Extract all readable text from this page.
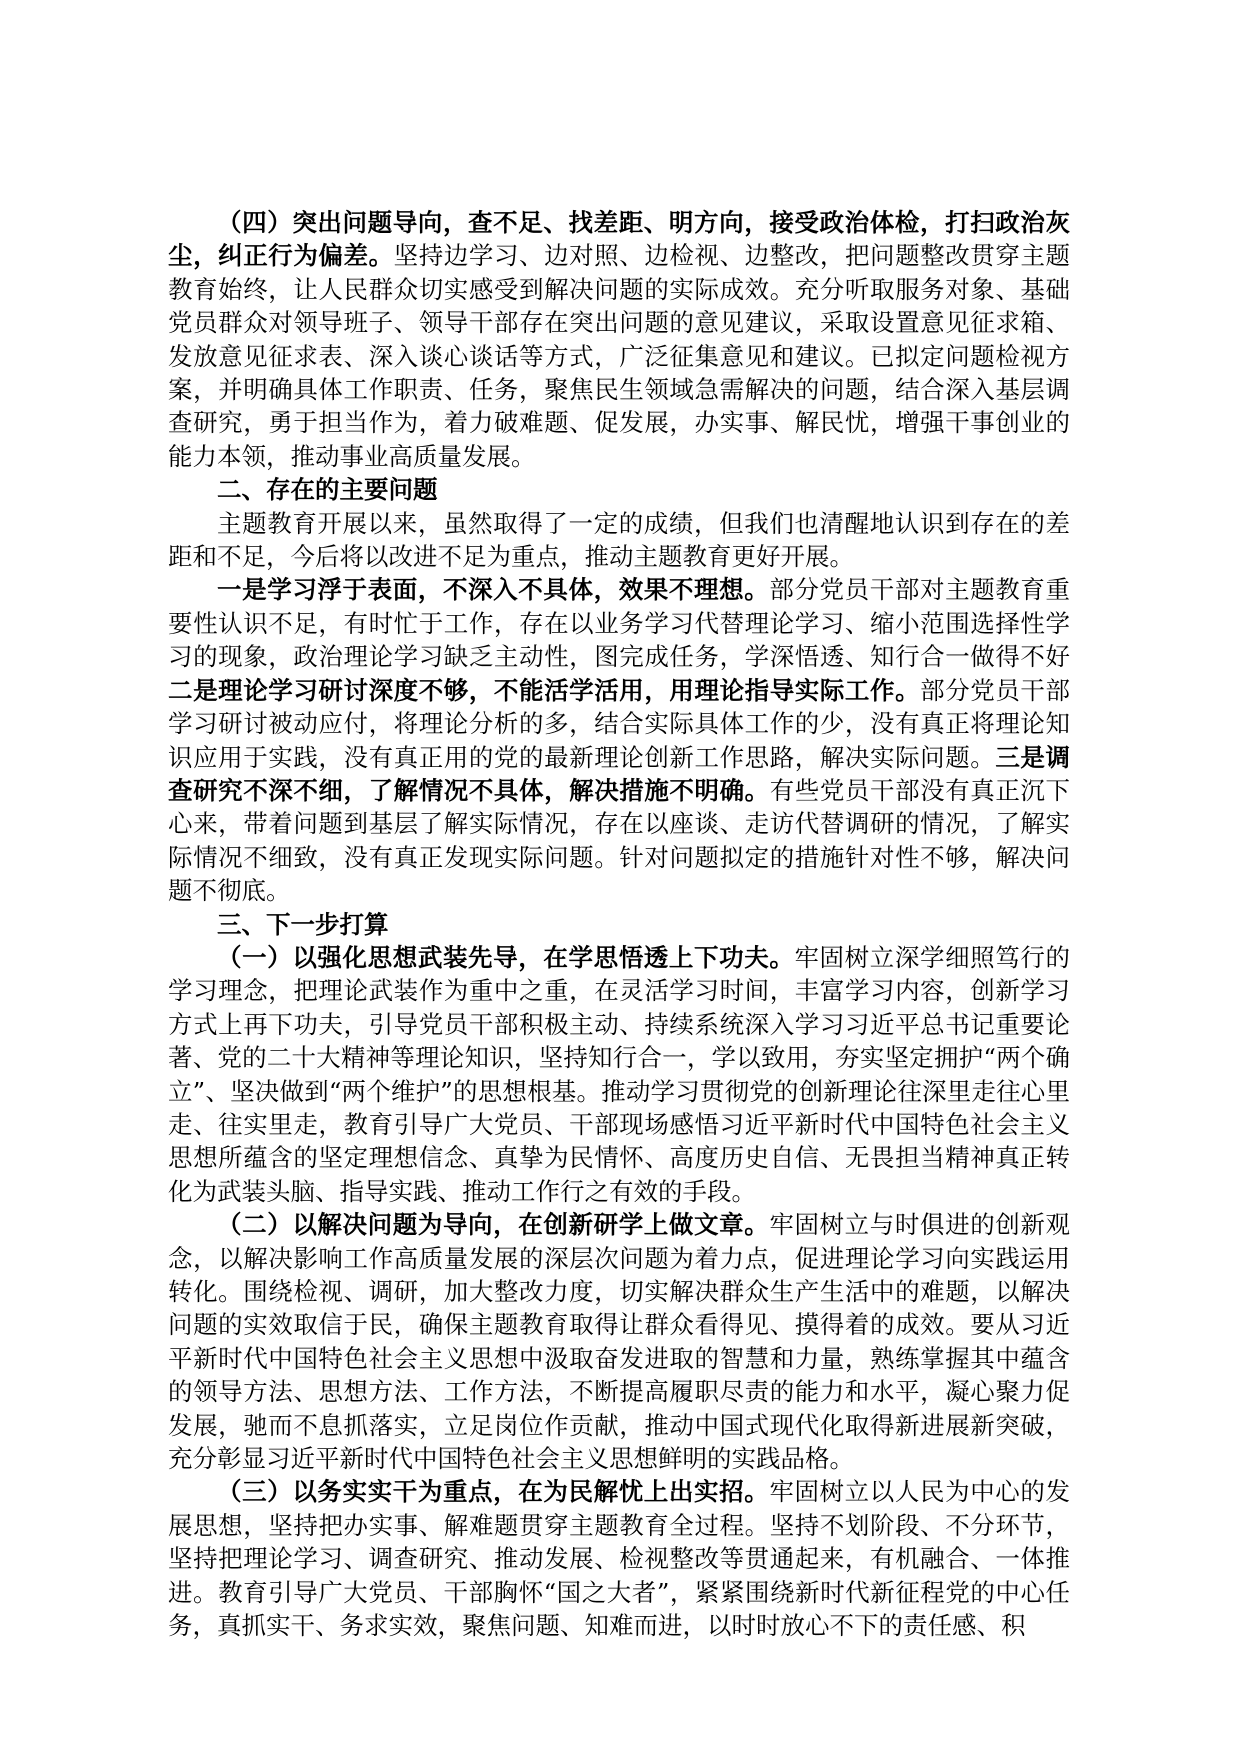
（四）突出问题导向，查不足、找差距、明方向，接受政治体检，打扫政治灰尘，纠正行为偏差。坚持边学习、边对照、边检视、边整改，把问题整改贯穿主题教育始终，让人民群众切实感受到解决问题的实际成效。充分听取服务对象、基础党员群众对领导班子、领导干部存在突出问题的意见建议，采取设置意见征求箱、发放意见征求表、深入谈心谈话等方式，广泛征集意见和建议。已拟定问题检视方案，并明确具体工作职责、任务，聚焦民生领域急需解决的问题，结合深入基层调查研究，勇于担当作为，着力破难题、促发展，办实事、解民忧，增强干事创业的能力本领，推动事业高质量发展。

二、存在的主要问题

主题教育开展以来，虽然取得了一定的成绩，但我们也清醒地认识到存在的差距和不足，今后将以改进不足为重点，推动主题教育更好开展。

一是学习浮于表面，不深入不具体，效果不理想。部分党员干部对主题教育重要性认识不足，有时忙于工作，存在以业务学习代替理论学习、缩小范围选择性学习的现象，政治理论学习缺乏主动性，图完成任务，学深悟透、知行合一做得不好二是理论学习研讨深度不够，不能活学活用，用理论指导实际工作。部分党员干部学习研讨被动应付，将理论分析的多，结合实际具体工作的少，没有真正将理论知识应用于实践，没有真正用的党的最新理论创新工作思路，解决实际问题。三是调查研究不深不细，了解情况不具体，解决措施不明确。有些党员干部没有真正沉下心来，带着问题到基层了解实际情况，存在以座谈、走访代替调研的情况，了解实际情况不细致，没有真正发现实际问题。针对问题拟定的措施针对性不够，解决问题不彻底。

三、下一步打算

（一）以强化思想武装先导，在学思悟透上下功夫。牢固树立深学细照笃行的学习理念，把理论武装作为重中之重，在灵活学习时间，丰富学习内容，创新学习方式上再下功夫，引导党员干部积极主动、持续系统深入学习习近平总书记重要论著、党的二十大精神等理论知识，坚持知行合一，学以致用，夯实坚定拥护“两个确立”、坚决做到“两个维护”的思想根基。推动学习贯彻党的创新理论往深里走往心里走、往实里走，教育引导广大党员、干部现场感悟习近平新时代中国特色社会主义思想所蕴含的坚定理想信念、真挚为民情怀、高度历史自信、无畏担当精神真正转化为武装头脑、指导实践、推动工作行之有效的手段。

（二）以解决问题为导向，在创新研学上做文章。牢固树立与时俱进的创新观念，以解决影响工作高质量发展的深层次问题为着力点，促进理论学习向实践运用转化。围绕检视、调研，加大整改力度，切实解决群众生产生活中的难题，以解决问题的实效取信于民，确保主题教育取得让群众看得见、摸得着的成效。要从习近平新时代中国特色社会主义思想中汲取奋发进取的智慧和力量，熟练掌握其中蕴含的领导方法、思想方法、工作方法，不断提高履职尽责的能力和水平，凝心聚力促发展，驰而不息抓落实，立足岗位作贡献，推动中国式现代化取得新进展新突破，充分彰显习近平新时代中国特色社会主义思想鲜明的实践品格。

（三）以务实实干为重点，在为民解忧上出实招。牢固树立以人民为中心的发展思想，坚持把办实事、解难题贯穿主题教育全过程。坚持不划阶段、不分环节，坚持把理论学习、调查研究、推动发展、检视整改等贯通起来，有机融合、一体推进。教育引导广大党员、干部胸怀“国之大者”，紧紧围绕新时代新征程党的中心任务，真抓实干、务求实效，聚焦问题、知难而进，以时时放心不下的责任感、积
